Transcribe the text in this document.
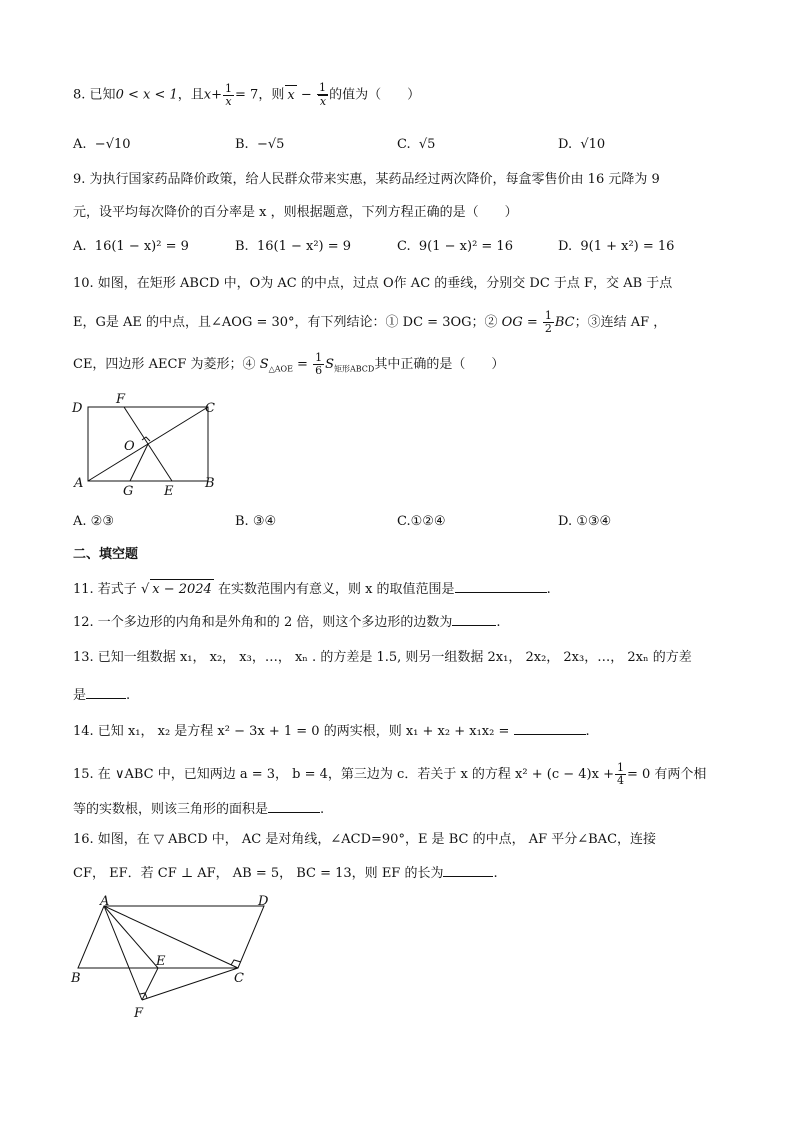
8. 已知0 < x < 1，且$x+ \frac{1}{x} = 7$，则 $x - \frac{1}{x}$ 的值为（　　）
A. −√10	B. −√5	C. √5	D. √10
9. 为执行国家药品降价政策，给人民群众带来实惠，某药品经过两次降价，每盒零售价由 16 元降为 9
元，设平均每次降价的百分率是 x ，则根据题意，下列方程正确的是（　　）
A. 16(1 − x)² = 9	B. 16(1 − x²) = 9	C. 9(1 − x)² = 16	D. 9(1 + x²) = 16
10. 如图，在矩形 ABCD 中，O为 AC 的中点，过点 O作 AC 的垂线，分别交 DC 于点 F，交 AB 于点
E，G是 AE 的中点，且∠AOG = 30°，有下列结论：① DC = 3OG；② OG = $\frac{1}{2}$ BC；③连结 AF ，
CE，四边形 AECF 为菱形；④ $S_{\triangle AOE} = \frac{1}{6} S_{矩形ABCD}$其中正确的是（　　）
D
F
C
O
A
G E
B
A. ②③	B. ③④	C.①②④	D. ①③④
二、填空题
11. 若式子 √ x − 2024 在实数范围内有意义，则 x 的取值范围是	.
12. 一个多边形的内角和是外角和的 2 倍，则这个多边形的边数为	.
13. 已知一组数据 x₁， x₂， x₃，…， xₙ . 的方差是 1.5, 则另一组数据 2x₁， 2x₂， 2x₃，…， 2xₙ 的方差
是	.
14. 已知 x₁， x₂ 是方程 x² − 3x + 1 = 0 的两实根，则 x₁ + x₂ + x₁x₂ =	.
15. 在 ∨ABC 中，已知两边 a = 3， b = 4，第三边为 c．若关于 x 的方程 $x^2 + (c - 4)x + \frac{1}{4} = 0$ 有两个相
等的实数根，则该三角形的面积是	.
16. 如图，在 ▽ ABCD 中， AC 是对角线，∠ACD=90°，E 是 BC 的中点， AF 平分∠BAC，连接
CF， EF．若 CF ⊥ AF， AB = 5， BC = 13，则 EF 的长为	.
A	D
B
E
C
F
